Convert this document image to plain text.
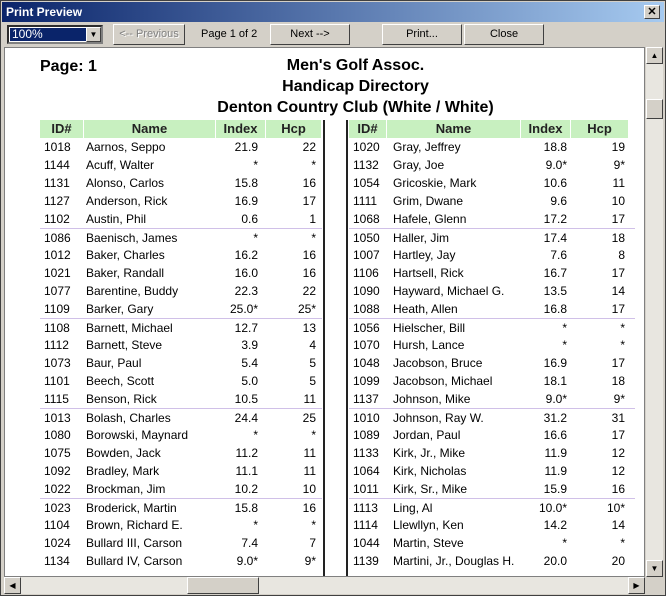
Print Preview	✕
100%	▼	<-- Previous	Page 1 of 2	Next -->	Print...	Close
Page: 1	Men's Golf Assoc.
Handicap Directory
Denton Country Club (White / White)
ID#	Name	Index	Hcp
1018	Aarnos, Seppo	21.9	22
1144	Acuff, Walter	*	*
1131	Alonso, Carlos	15.8	16
1127	Anderson, Rick	16.9	17
1102	Austin, Phil	0.6	1
1086	Baenisch, James	*	*
1012	Baker, Charles	16.2	16
1021	Baker, Randall	16.0	16
1077	Barentine, Buddy	22.3	22
1109	Barker, Gary	25.0*	25*
1108	Barnett, Michael	12.7	13
1112	Barnett, Steve	3.9	4
1073	Baur, Paul	5.4	5
1101	Beech, Scott	5.0	5
1115	Benson, Rick	10.5	11
1013	Bolash, Charles	24.4	25
1080	Borowski, Maynard	*	*
1075	Bowden, Jack	11.2	11
1092	Bradley, Mark	11.1	11
1022	Brockman, Jim	10.2	10
1023	Broderick, Martin	15.8	16
1104	Brown, Richard E.	*	*
1024	Bullard III, Carson	7.4	7
1134	Bullard IV, Carson	9.0*	9*
ID#	Name	Index	Hcp
1020	Gray, Jeffrey	18.8	19
1132	Gray, Joe	9.0*	9*
1054	Gricoskie, Mark	10.6	11
1111	Grim, Dwane	9.6	10
1068	Hafele, Glenn	17.2	17
1050	Haller, Jim	17.4	18
1007	Hartley, Jay	7.6	8
1106	Hartsell, Rick	16.7	17
1090	Hayward, Michael G.	13.5	14
1088	Heath, Allen	16.8	17
1056	Hielscher, Bill	*	*
1070	Hursh, Lance	*	*
1048	Jacobson, Bruce	16.9	17
1099	Jacobson, Michael	18.1	18
1137	Johnson, Mike	9.0*	9*
1010	Johnson, Ray W.	31.2	31
1089	Jordan, Paul	16.6	17
1133	Kirk, Jr., Mike	11.9	12
1064	Kirk, Nicholas	11.9	12
1011	Kirk, Sr., Mike	15.9	16
1113	Ling, Al	10.0*	10*
1114	Llewllyn, Ken	14.2	14
1044	Martin, Steve	*	*
1139	Martini, Jr., Douglas H.	20.0	20
▲
▼
◀	▶
